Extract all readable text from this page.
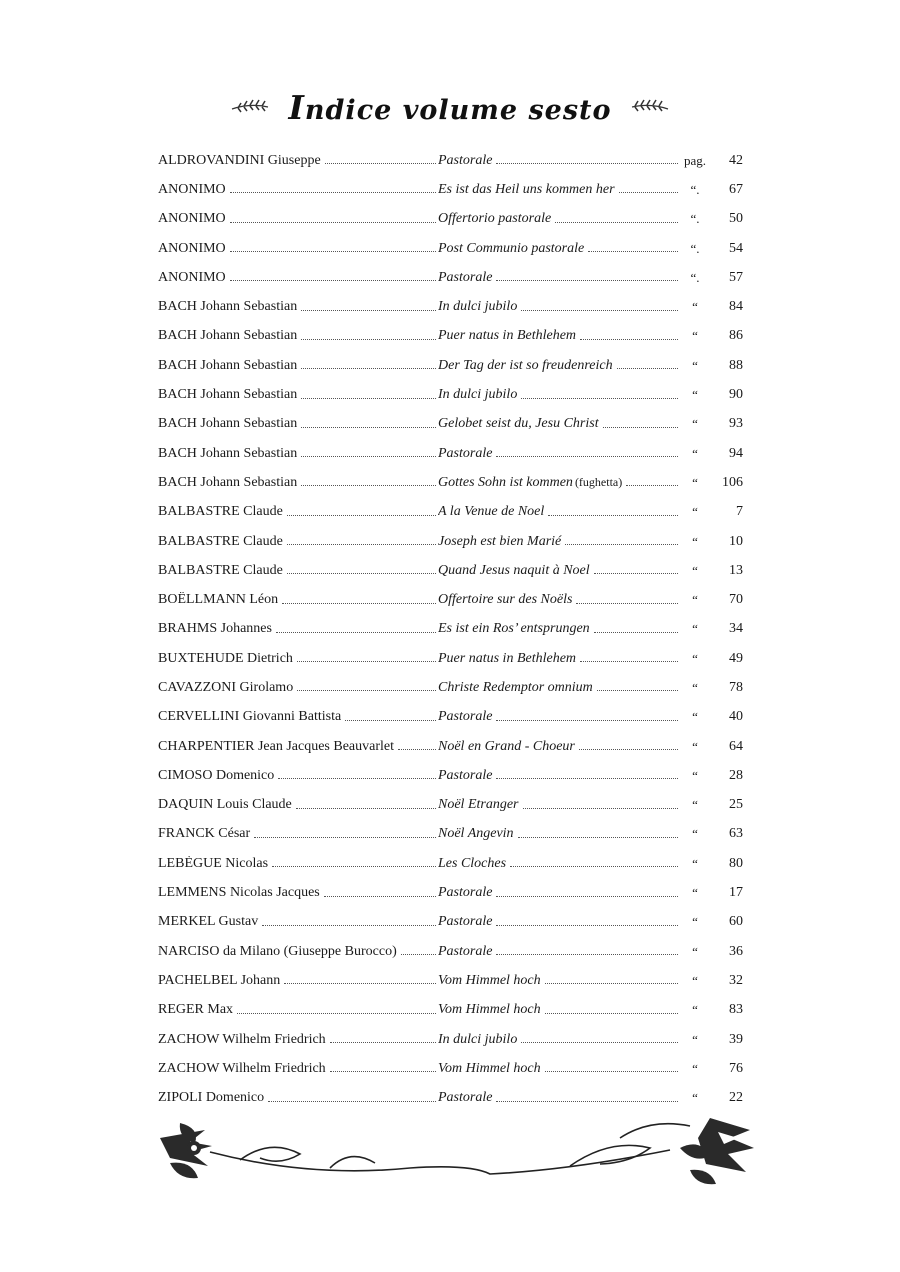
Indice volume sesto
ALDROVANDINI Giuseppe	Pastorale	pag.	42
ANONIMO	Es ist das Heil uns kommen her	“.	67
ANONIMO	Offertorio pastorale	“.	50
ANONIMO	Post Communio pastorale	“.	54
ANONIMO	Pastorale	“.	57
BACH Johann Sebastian	In dulci jubilo	“	84
BACH Johann Sebastian	Puer natus in Bethlehem	“	86
BACH Johann Sebastian	Der Tag der ist so freudenreich	“	88
BACH Johann Sebastian	In dulci jubilo	“	90
BACH Johann Sebastian	Gelobet seist du, Jesu Christ	“	93
BACH Johann Sebastian	Pastorale	“	94
BACH Johann Sebastian	Gottes Sohn ist kommen (fughetta)	“	106
BALBASTRE Claude	A la Venue de Noel	“	7
BALBASTRE Claude	Joseph est bien Marié	“	10
BALBASTRE Claude	Quand Jesus naquit à Noel	“	13
BOËLLMANN Léon	Offertoire sur des Noëls	“	70
BRAHMS Johannes	Es ist ein Ros’ entsprungen	“	34
BUXTEHUDE Dietrich	Puer natus in Bethlehem	“	49
CAVAZZONI Girolamo	Christe Redemptor omnium	“	78
CERVELLINI Giovanni Battista	Pastorale	“	40
CHARPENTIER Jean Jacques Beauvarlet	Noël en Grand - Choeur	“	64
CIMOSO Domenico	Pastorale	“	28
DAQUIN Louis Claude	Noël Etranger	“	25
FRANCK César	Noël Angevin	“	63
LEBÈGUE Nicolas	Les Cloches	“	80
LEMMENS Nicolas Jacques	Pastorale	“	17
MERKEL Gustav	Pastorale	“	60
NARCISO da Milano (Giuseppe Burocco)	Pastorale	“	36
PACHELBEL Johann	Vom Himmel hoch	“	32
REGER Max	Vom Himmel hoch	“	83
ZACHOW Wilhelm Friedrich	In dulci jubilo	“	39
ZACHOW Wilhelm Friedrich	Vom Himmel hoch	“	76
ZIPOLI Domenico	Pastorale	“	22
